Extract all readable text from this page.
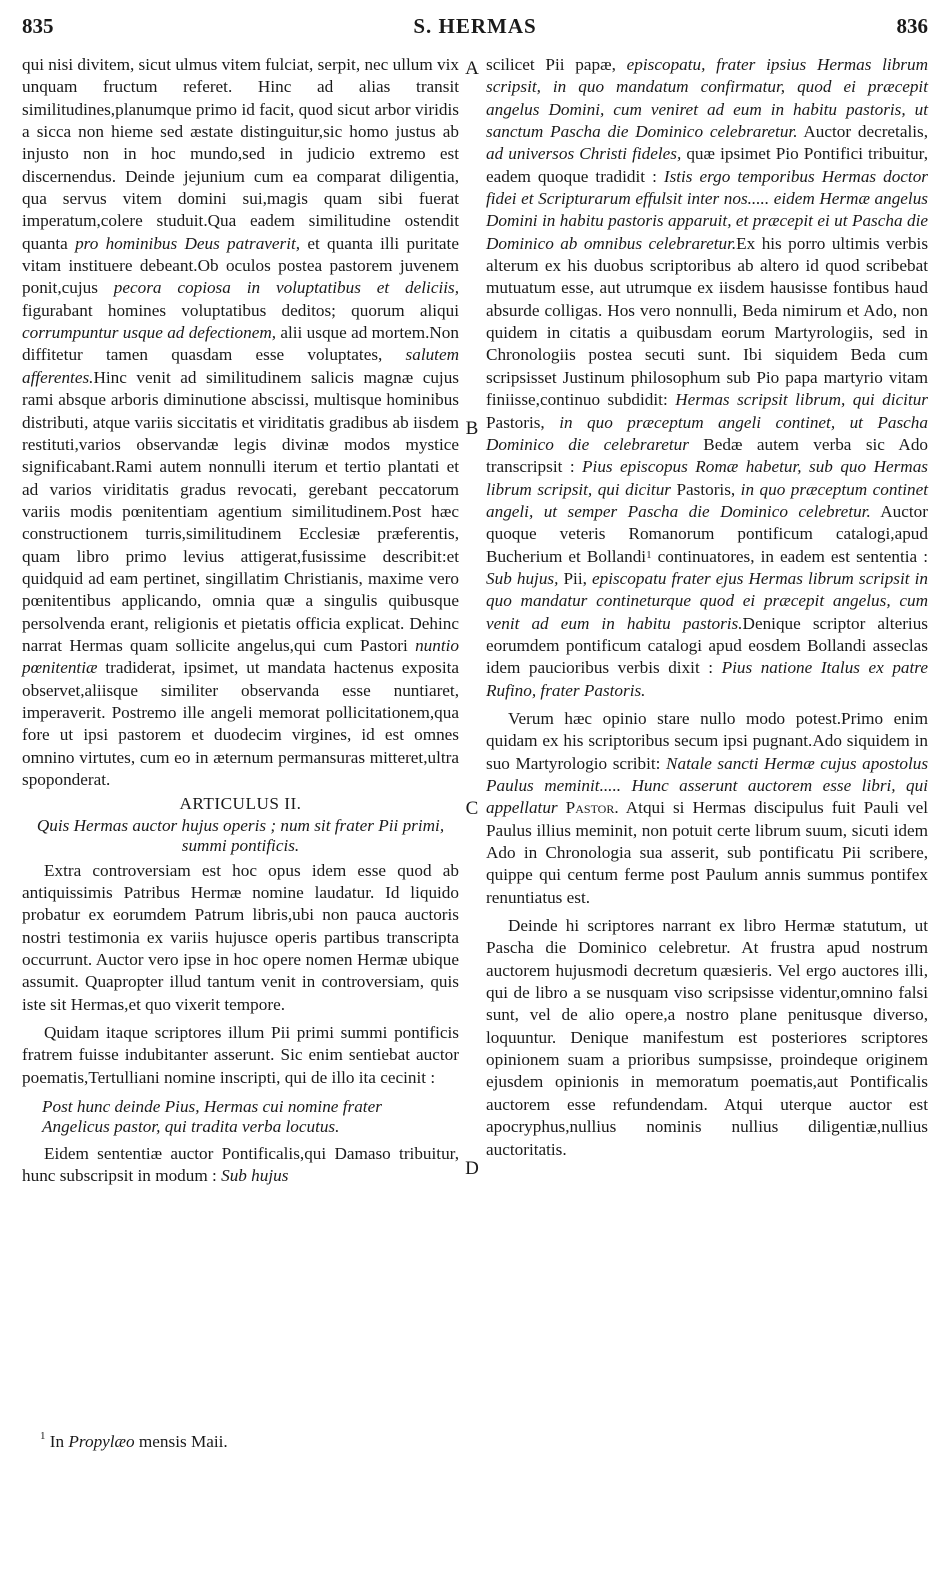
835	S. HERMAS	836

qui nisi divitem, sicut ulmus vitem fulciat, serpit, nec ullum vix unquam fructum referet. Hinc ad alias transit similitudines,planumque primo id facit, quod sicut arbor viridis a sicca non hieme sed æstate distinguitur,sic homo justus ab injusto non in hoc mundo,sed in judicio extremo est discernendus. Deinde jejunium cum ea comparat diligentia, qua servus vitem domini sui,magis quam sibi fuerat imperatum,colere studuit.Qua eadem similitudine ostendit quanta pro hominibus Deus patraverit, et quanta illi puritate vitam instituere debeant.Ob oculos postea pastorem juvenem ponit,cujus pecora copiosa in voluptatibus et deliciis, figurabant homines voluptatibus deditos; quorum aliqui corrumpuntur usque ad defectionem, alii usque ad mortem.Non diffitetur tamen quasdam esse voluptates, salutem afferentes.Hinc venit ad similitudinem salicis magnæ cujus rami absque arboris diminutione abscissi, multisque hominibus distributi, atque variis siccitatis et viriditatis gradibus ab iisdem restituti,varios observandæ legis divinæ modos mystice significabant.Rami autem nonnulli iterum et tertio plantati et ad varios viriditatis gradus revocati, gerebant peccatorum variis modis pœnitentiam agentium similitudinem.Post hæc constructionem turris,similitudinem Ecclesiæ præferentis, quam libro primo levius attigerat,fusissime describit:et quidquid ad eam pertinet, singillatim Christianis, maxime vero pœnitentibus applicando, omnia quæ a singulis quibusque persolvenda erant, religionis et pietatis officia explicat. Dehinc narrat Hermas quam sollicite angelus,qui cum Pastori nuntio pœnitentiæ tradiderat, ipsimet, ut mandata hactenus exposita observet,aliisque similiter observanda esse nuntiaret, imperaverit. Postremo ille angeli memorat pollicitationem,qua fore ut ipsi pastorem et duodecim virgines, id est omnes omnino virtutes, cum eo in æternum permansuras mitteret,ultra spoponderat.

ARTICULUS II.
Quis Hermas auctor hujus operis ; num sit frater Pii primi, summi pontificis.

Extra controversiam est hoc opus idem esse quod ab antiquissimis Patribus Hermæ nomine laudatur. Id liquido probatur ex eorumdem Patrum libris,ubi non pauca auctoris nostri testimonia ex variis hujusce operis partibus transcripta occurrunt. Auctor vero ipse in hoc opere nomen Hermæ ubique assumit. Quapropter illud tantum venit in controversiam, quis iste sit Hermas,et quo vixerit tempore.

Quidam itaque scriptores illum Pii primi summi pontificis fratrem fuisse indubitanter asserunt. Sic enim sentiebat auctor poematis,Tertulliani nomine inscripti, qui de illo ita cecinit :

Post hunc deinde Pius, Hermas cui nomine frater
Angelicus pastor, qui tradita verba locutus.

Eidem sententiæ auctor Pontificalis,qui Damaso tribuitur, hunc subscripsit in modum : Sub hujus

A
B
C
D

scilicet Pii papæ, episcopatu, frater ipsius Hermas librum scripsit, in quo mandatum confirmatur, quod ei præcepit angelus Domini, cum veniret ad eum in habitu pastoris, ut sanctum Pascha die Dominico celebraretur. Auctor decretalis, ad universos Christi fideles, quæ ipsimet Pio Pontifici tribuitur, eadem quoque tradidit : Istis ergo temporibus Hermas doctor fidei et Scripturarum effulsit inter nos..... eidem Hermæ angelus Domini in habitu pastoris apparuit, et præcepit ei ut Pascha die Dominico ab omnibus celebraretur.Ex his porro ultimis verbis alterum ex his duobus scriptoribus ab altero id quod scribebat mutuatum esse, aut utrumque ex iisdem hausisse fontibus haud absurde colligas. Hos vero nonnulli, Beda nimirum et Ado, non quidem in citatis a quibusdam eorum Martyrologiis, sed in Chronologiis postea secuti sunt. Ibi siquidem Beda cum scripsisset Justinum philosophum sub Pio papa martyrio vitam finiisse,continuo subdidit: Hermas scripsit librum, qui dicitur Pastoris, in quo præceptum angeli continet, ut Pascha Dominico die celebraretur Bedæ autem verba sic Ado transcripsit : Pius episcopus Romæ habetur, sub quo Hermas librum scripsit, qui dicitur Pastoris, in quo præceptum continet angeli, ut semper Pascha die Dominico celebretur. Auctor quoque veteris Romanorum pontificum catalogi,apud Bucherium et Bollandi$^1$ continuatores, in eadem est sententia : Sub hujus, Pii, episcopatu frater ejus Hermas librum scripsit in quo mandatur contineturque quod ei præcepit angelus, cum venit ad eum in habitu pastoris.Denique scriptor alterius eorumdem pontificum catalogi apud eosdem Bollandi asseclas idem paucioribus verbis dixit : Pius natione Italus ex patre Rufino, frater Pastoris.

Verum hæc opinio stare nullo modo potest.Primo enim quidam ex his scriptoribus secum ipsi pugnant.Ado siquidem in suo Martyrologio scribit: Natale sancti Hermæ cujus apostolus Paulus meminit..... Hunc asserunt auctorem esse libri, qui appellatur Pastor. Atqui si Hermas discipulus fuit Pauli vel Paulus illius meminit, non potuit certe librum suum, sicuti idem Ado in Chronologia sua asserit, sub pontificatu Pii scribere, quippe qui centum ferme post Paulum annis summus pontifex renuntiatus est.

Deinde hi scriptores narrant ex libro Hermæ statutum, ut Pascha die Dominico celebretur. At frustra apud nostrum auctorem hujusmodi decretum quæsieris. Vel ergo auctores illi, qui de libro a se nusquam viso scripsisse videntur,omnino falsi sunt, vel de alio opere,a nostro plane penitusque diverso, loquuntur. Denique manifestum est posteriores scriptores opinionem suam a prioribus sumpsisse, proindeque originem ejusdem opinionis in memoratum poematis,aut Pontificalis auctorem esse refundendam. Atqui uterque auctor est apocryphus,nullius nominis nullius diligentiæ,nullius auctoritatis.

$^1$ In Propylæo mensis Maii.
